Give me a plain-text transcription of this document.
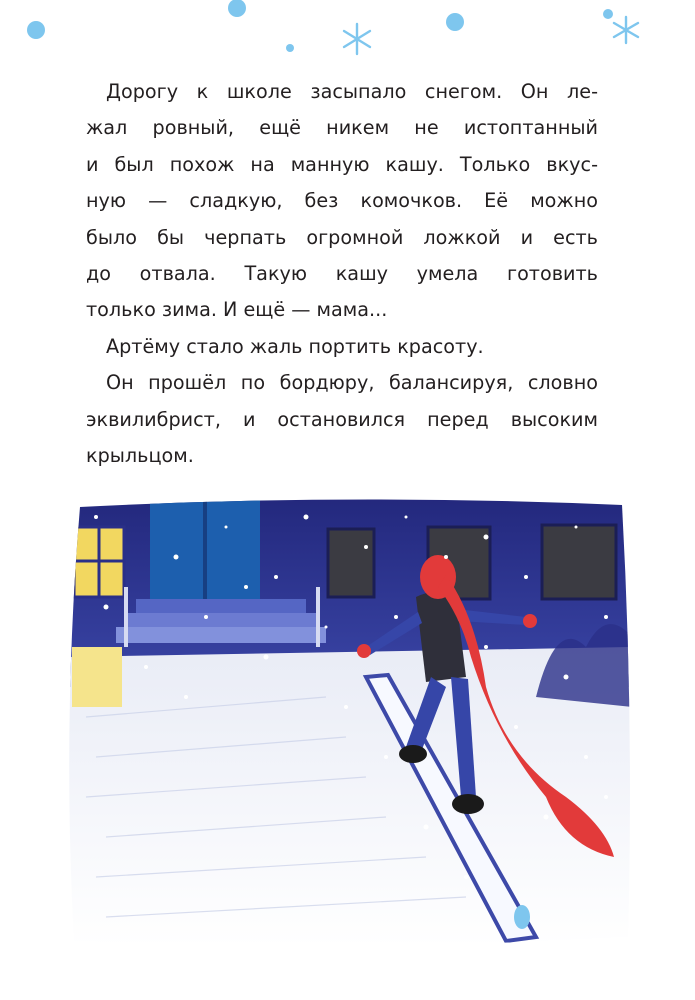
Дорогу к школе засыпало снегом. Он ле-
жал ровный, ещё никем не истоптанный
и был похож на манную кашу. Только вкус-
ную — сладкую, без комочков. Её можно
было бы черпать огромной ложкой и есть
до отвала. Такую кашу умела готовить
только зима. И ещё — мама...

Артёму стало жаль портить красоту.

Он прошёл по бордюру, балансируя, словно
эквилибрист, и остановился перед высоким
крыльцом.
